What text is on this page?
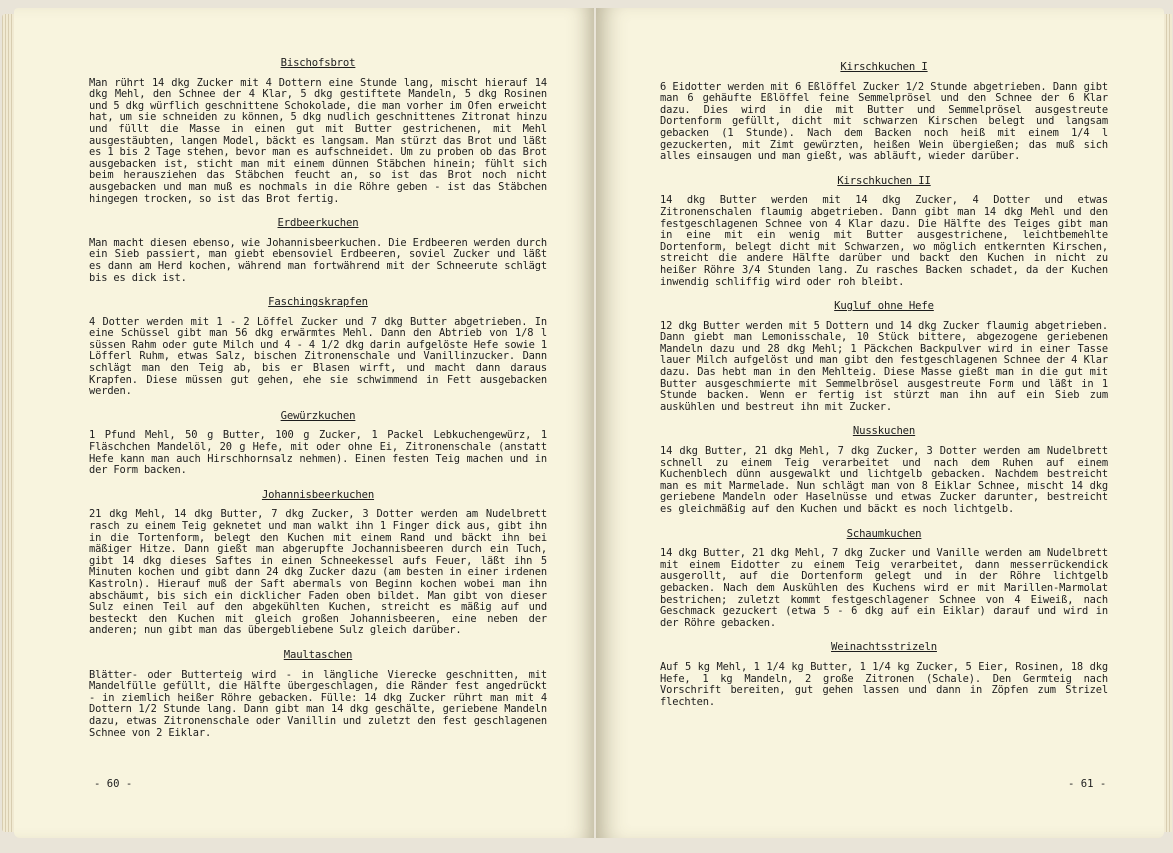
Bischofsbrot

Man rührt 14 dkg Zucker mit 4 Dottern eine Stunde lang, mischt hierauf 14 dkg Mehl, den Schnee der 4 Klar, 5 dkg gestiftete Mandeln, 5 dkg Rosinen und 5 dkg würflich geschnittene Schokolade, die man vorher im Ofen erweicht hat, um sie schneiden zu können, 5 dkg nudlich geschnittenes Zitronat hinzu und füllt die Masse in einen gut mit Butter gestrichenen, mit Mehl ausgestäubten, langen Model, bäckt es langsam. Man stürzt das Brot und läßt es 1 bis 2 Tage stehen, bevor man es aufschneidet. Um zu proben ob das Brot ausgebacken ist, sticht man mit einem dünnen Stäbchen hinein; fühlt sich beim herausziehen das Stäbchen feucht an, so ist das Brot noch nicht ausgebacken und man muß es nochmals in die Röhre geben - ist das Stäbchen hingegen trocken, so ist das Brot fertig.

Erdbeerkuchen

Man macht diesen ebenso, wie Johannisbeerkuchen. Die Erdbeeren werden durch ein Sieb passiert, man giebt ebensoviel Erdbeeren, soviel Zucker und läßt es dann am Herd kochen, während man fortwährend mit der Schneerute schlägt bis es dick ist.

Faschingskrapfen

4 Dotter werden mit 1 - 2 Löffel Zucker und 7 dkg Butter abgetrieben. In eine Schüssel gibt man 56 dkg erwärmtes Mehl. Dann den Abtrieb von 1/8 l süssen Rahm oder gute Milch und 4 - 4 1/2 dkg darin aufgelöste Hefe sowie 1 Löfferl Ruhm, etwas Salz, bischen Zitronenschale und Vanillinzucker. Dann schlägt man den Teig ab, bis er Blasen wirft, und macht dann daraus Krapfen. Diese müssen gut gehen, ehe sie schwimmend in Fett ausgebacken werden.

Gewürzkuchen

1 Pfund Mehl, 50 g Butter, 100 g Zucker, 1 Packel Lebkuchengewürz, 1 Fläschchen Mandelöl, 20 g Hefe, mit oder ohne Ei, Zitronenschale (anstatt Hefe kann man auch Hirschhornsalz nehmen). Einen festen Teig machen und in der Form backen.

Johannisbeerkuchen

21 dkg Mehl, 14 dkg Butter, 7 dkg Zucker, 3 Dotter werden am Nudelbrett rasch zu einem Teig geknetet und man walkt ihn 1 Finger dick aus, gibt ihn in die Tortenform, belegt den Kuchen mit einem Rand und bäckt ihn bei mäßiger Hitze. Dann gießt man abgerupfte Jochannisbeeren durch ein Tuch, gibt 14 dkg dieses Saftes in einen Schneekessel aufs Feuer, läßt ihn 5 Minuten kochen und gibt dann 24 dkg Zucker dazu (am besten in einer irdenen Kastroln). Hierauf muß der Saft abermals von Beginn kochen wobei man ihn abschäumt, bis sich ein dicklicher Faden oben bildet. Man gibt von dieser Sulz einen Teil auf den abgekühlten Kuchen, streicht es mäßig auf und besteckt den Kuchen mit gleich großen Johannisbeeren, eine neben der anderen; nun gibt man das übergebliebene Sulz gleich darüber.

Maultaschen

Blätter- oder Butterteig wird - in längliche Vierecke geschnitten, mit Mandelfülle gefüllt, die Hälfte übergeschlagen, die Ränder fest angedrückt - in ziemlich heißer Röhre gebacken. Fülle: 14 dkg Zucker rührt man mit 4 Dottern 1/2 Stunde lang. Dann gibt man 14 dkg geschälte, geriebene Mandeln dazu, etwas Zitronenschale oder Vanillin und zuletzt den fest geschlagenen Schnee von 2 Eiklar.

- 60 -
Kirschkuchen I

6 Eidotter werden mit 6 Eßlöffel Zucker 1/2 Stunde abgetrieben. Dann gibt man 6 gehäufte Eßlöffel feine Semmelprösel und den Schnee der 6 Klar dazu. Dies wird in die mit Butter und Semmelprösel ausgestreute Dortenform gefüllt, dicht mit schwarzen Kirschen belegt und langsam gebacken (1 Stunde). Nach dem Backen noch heiß mit einem 1/4 l gezuckerten, mit Zimt gewürzten, heißen Wein übergießen; das muß sich alles einsaugen und man gießt, was abläuft, wieder darüber.

Kirschkuchen II

14 dkg Butter werden mit 14 dkg Zucker, 4 Dotter und etwas Zitronenschalen flaumig abgetrieben. Dann gibt man 14 dkg Mehl und den festgeschlagenen Schnee von 4 Klar dazu. Die Hälfte des Teiges gibt man in eine mit ein wenig mit Butter ausgestrichene, leichtbemehlte Dortenform, belegt dicht mit Schwarzen, wo möglich entkernten Kirschen, streicht die andere Hälfte darüber und backt den Kuchen in nicht zu heißer Röhre 3/4 Stunden lang. Zu rasches Backen schadet, da der Kuchen inwendig schliffig wird oder roh bleibt.

Kugluf ohne Hefe

12 dkg Butter werden mit 5 Dottern und 14 dkg Zucker flaumig abgetrieben. Dann giebt man Lemonisschale, 10 Stück bittere, abgezogene geriebenen Mandeln dazu und 28 dkg Mehl; 1 Päckchen Backpulver wird in einer Tasse lauer Milch aufgelöst und man gibt den festgeschlagenen Schnee der 4 Klar dazu. Das hebt man in den Mehlteig. Diese Masse gießt man in die gut mit Butter ausgeschmierte mit Semmelbrösel ausgestreute Form und läßt in 1 Stunde backen. Wenn er fertig ist stürzt man ihn auf ein Sieb zum auskühlen und bestreut ihn mit Zucker.

Nusskuchen

14 dkg Butter, 21 dkg Mehl, 7 dkg Zucker, 3 Dotter werden am Nudelbrett schnell zu einem Teig verarbeitet und nach dem Ruhen auf einem Kuchenblech dünn ausgewalkt und lichtgelb gebacken. Nachdem bestreicht man es mit Marmelade. Nun schlägt man von 8 Eiklar Schnee, mischt 14 dkg geriebene Mandeln oder Haselnüsse und etwas Zucker darunter, bestreicht es gleichmäßig auf den Kuchen und bäckt es noch lichtgelb.

Schaumkuchen

14 dkg Butter, 21 dkg Mehl, 7 dkg Zucker und Vanille werden am Nudelbrett mit einem Eidotter zu einem Teig verarbeitet, dann messerrückendick ausgerollt, auf die Dortenform gelegt und in der Röhre lichtgelb gebacken. Nach dem Auskühlen des Kuchens wird er mit Marillen-Marmolat bestrichen; zuletzt kommt festgeschlagener Schnee von 4 Eiweiß, nach Geschmack gezuckert (etwa 5 - 6 dkg auf ein Eiklar) darauf und wird in der Röhre gebacken.

Weinachtsstrizeln

Auf 5 kg Mehl, 1 1/4 kg Butter, 1 1/4 kg Zucker, 5 Eier, Rosinen, 18 dkg Hefe, 1 kg Mandeln, 2 große Zitronen (Schale). Den Germteig nach Vorschrift bereiten, gut gehen lassen und dann in Zöpfen zum Strizel flechten.

- 61 -
